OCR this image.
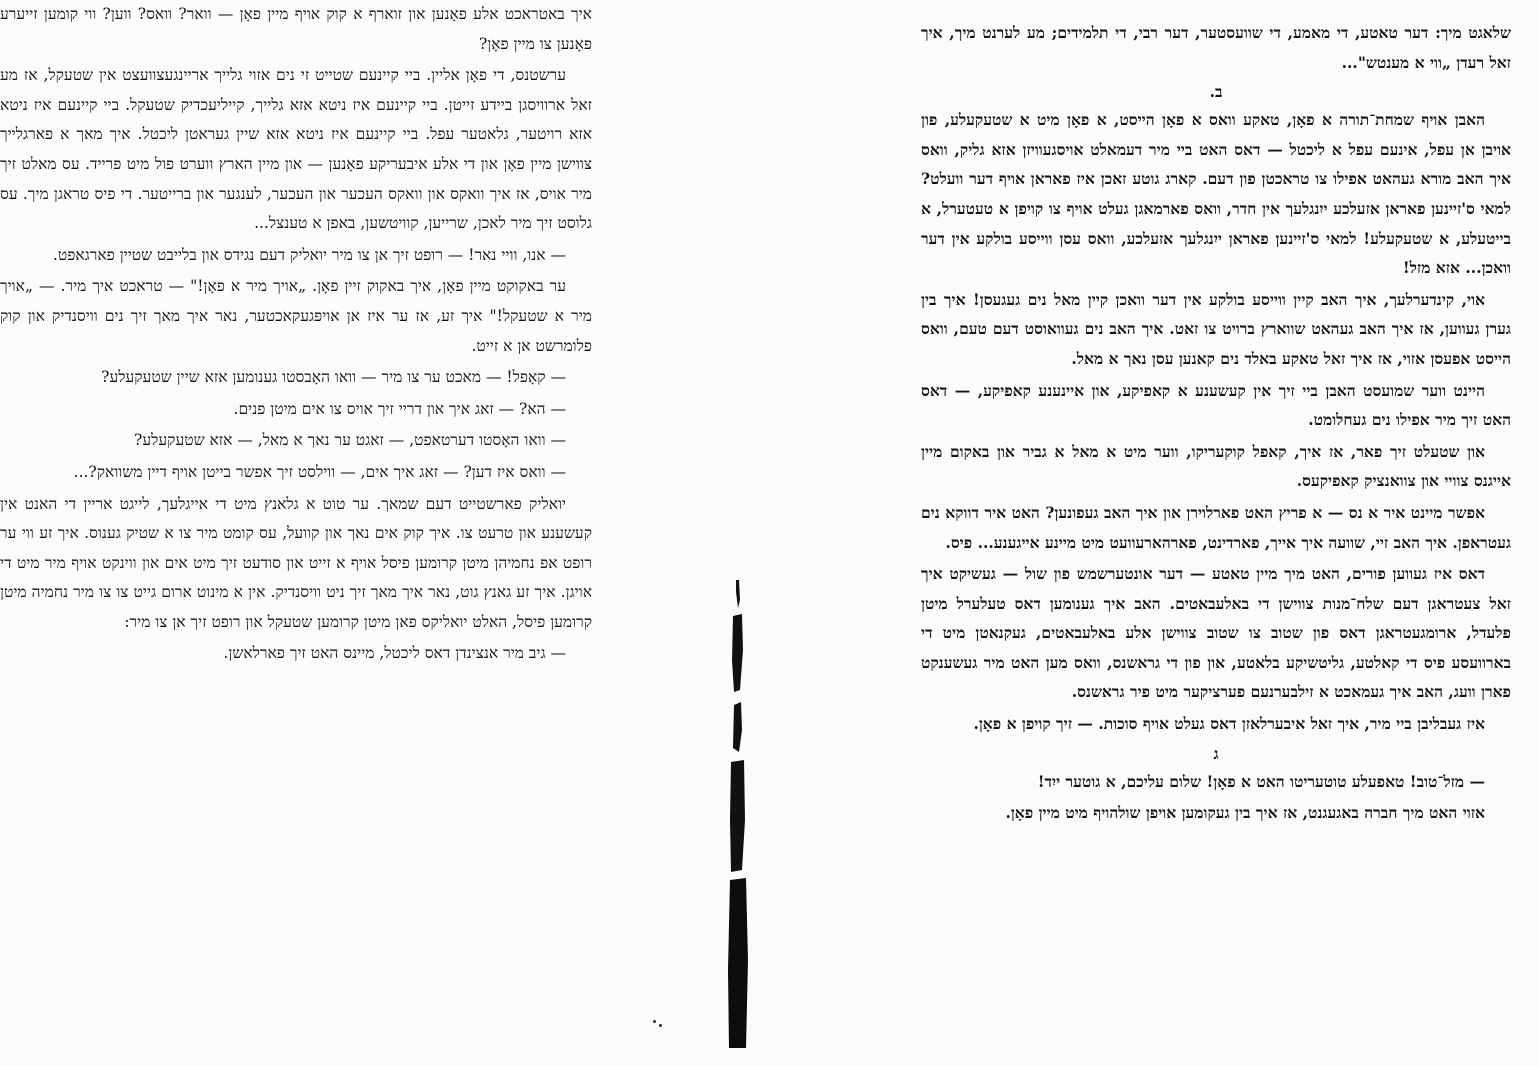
איך באטראכט אלע פאָנען און זוארף א קוק אויף מיין פאָן — וואר? וואס? ווען? ווי קומען זייערע פאָנען צו מיין פאָן?

ערשטנס, די פאָן אליין. ביי קיינעם שטייט זי נים אזוי גלייך אריינגעצוועצט אין שטעקל, אז מע זאל ארוויסגן ביידע זייטן. ביי קיינעם איז ניטא אזא גלייך, קייליעכדיק שטעקל. ביי קיינעם איז ניטא אזא רויטער, גלאטער עפל. ביי קיינעם איז ניטא אזא שיין געראטן ליכטל. איך מאך א פארגלייך צווישן מיין פאָן און די אלע איבעריקע פאָנען — און מיין הארץ ווערט פול מיט פרייד. עס מאלט זיך מיר אויס, אז איך וואקס און וואקס העכער און העכער, לענגער און ברייטער. די פיס טראגן מיך. עס גלוסט זיך מיר לאכן, שרייען, קוויטשען, באפן א טענצל...

— אנו, וויי נאר! — רופט זיך אן צו מיר יואליק דעם נגידס און בלייבט שטיין פארגאפט.

ער באקוקט מיין פאָן, איך באקוק זיין פאָן. „אויך מיר א פאָן!" — טראכט איך מיר. — „אויך מיר א שטעקל!" איך זע, אז ער איז אן אויפגעקאכטער, נאר איך מאך זיך נים וויסנדיק און קוק פלומרשט אן א זייט.

— קאָפל! — מאכט ער צו מיר — וואו האָבסטו גענומען אזא שיין שטעקעלע?

— הא? — זאג איך און דריי זיך אויס צו אים מיטן פנים.

— וואו האָסטו דערטאפט, — זאגט ער נאך א מאל, — אזא שטעקעלע?

— וואס איז דען? — זאג איך אים, — ווילסט זיך אפשר בייטן אויף דיין משוואק?...

יואליק פארשטייט דעם שמאך. ער טוט א גלאנץ מיט די אייגלעך, לייגט אריין די האנט אין קעשענע און טרעט צו. איך קוק אים נאך און קוועל, עס קומט מיר צו א שטיק גענוס. איך זע ווי ער רופט אפ נחמיהן מיטן קרומען פיסל אויף א זייט און סודעט זיך מיט אים און ווינקט אויף מיר מיט די אויגן. איך זע גאנץ גוט, נאר איך מאך זיך ניט וויסנדיק. אין א מינוט ארום גייט צו צו מיר נחמיה מיטן קרומען פיסל, האלט יואליקס פאן מיטן קרומען שטעקל און רופט זיך אן צו מיר:

— גיב מיר אנצינדן דאס ליכטל, מיינס האט זיך פארלאשן.

שלאגט מיך: דער טאטע, די מאמע, די שוועסטער, דער רבי, די תלמידים; מע לערנט מיך, איך זאל רעדן „ווי א מענטש"...

ב.

האבן אויף שמחת־תורה א פאָן, טאקע וואס א פאָן הייסט, א פאָן מיט א שטעקעלע, פון אויבן אן עפל, אינעם עפל א ליכטל — דאס האט ביי מיר דעמאלט אויסגעוויזן אזא גליק, וואס איך האב מורא געהאט אפילו צו טראכטן פון דעם. קארג גוטע זאכן איז פאראן אויף דער וועלט? למאי ס'זיינען פאראן אזעלכע ייִנגלעך אין חדר, וואס פארמאגן געלט אויף צו קויפן א טעטערל, א בייטעלע, א שטעקעלע! למאי ס'זיינען פאראן ייִנגלעך אזעלכע, וואס עסן ווייסע בולקע אין דער וואכן... אזא מזל!

אוי, קינדערלעך, איך האב קיין ווייסע בולקע אין דער וואכן קיין מאל נים געגעסן! איך בין גערן געווען, אז איך האב געהאט שווארץ ברויט צו זאט. איך האב נים געוואוסט דעם טעם, וואס הייסט אפעסן אזוי, אז איך זאל טאקע באלד נים קאנען עסן נאך א מאל.

היינט ווער שמועסט האבן ביי זיך אין קעשענע א קאפיקע, און איינענע קאפיקע, — דאס האט זיך מיר אפילו נים געחלומט.

און שטעלט זיך פאר, אז איך, קאפל קוקעריקו, ווער מיט א מאל א גביר און באקום מיין אייגנס צוויי און צוואנציק קאפיקעס.

אפשר מיינט איר א נס — א פריץ האט פארלוירן און איך האב געפונען? האט איר דווקא נים געטראפן. איך האב זיי, שוועה איך אייך, פארדינט, פארהארעוועט מיט מיינע אייגענע... פיס.

דאס איז געווען פורים, האט מיך מיין טאטע — דער אונטערשמש פון שול — געשיקט איך זאל צעטראגן דעם שלח־מנות צווישן די באלעבאטים. האב איך גענומען דאס טעלערל מיטן פלעדל, ארומגעטראגן דאס פון שטוב צו שטוב צווישן אלע באלעבאטים, געקנאטן מיט די בארוועסע פיס די קאלטע, גליטשיקע בלאטע, און פון די גראשנס, וואס מען האט מיר געשענקט פארן וועג, האב איך געמאכט א זילבערנעם פערציקער מיט פיר גראשנס.

איז געבליבן ביי מיר, איך זאל איבערלאזן דאס געלט אויף סוכות. — זיך קויפן א פאָן.

ג

— מזל־טוב! טאפעלע טוטעריטו האט א פאָן! שלום עליכם, א גוטער ייִד!

אזוי האט מיך חברה באגעגנט, אז איך בין געקומען אויפן שולהויף מיט מיין פאָן.
